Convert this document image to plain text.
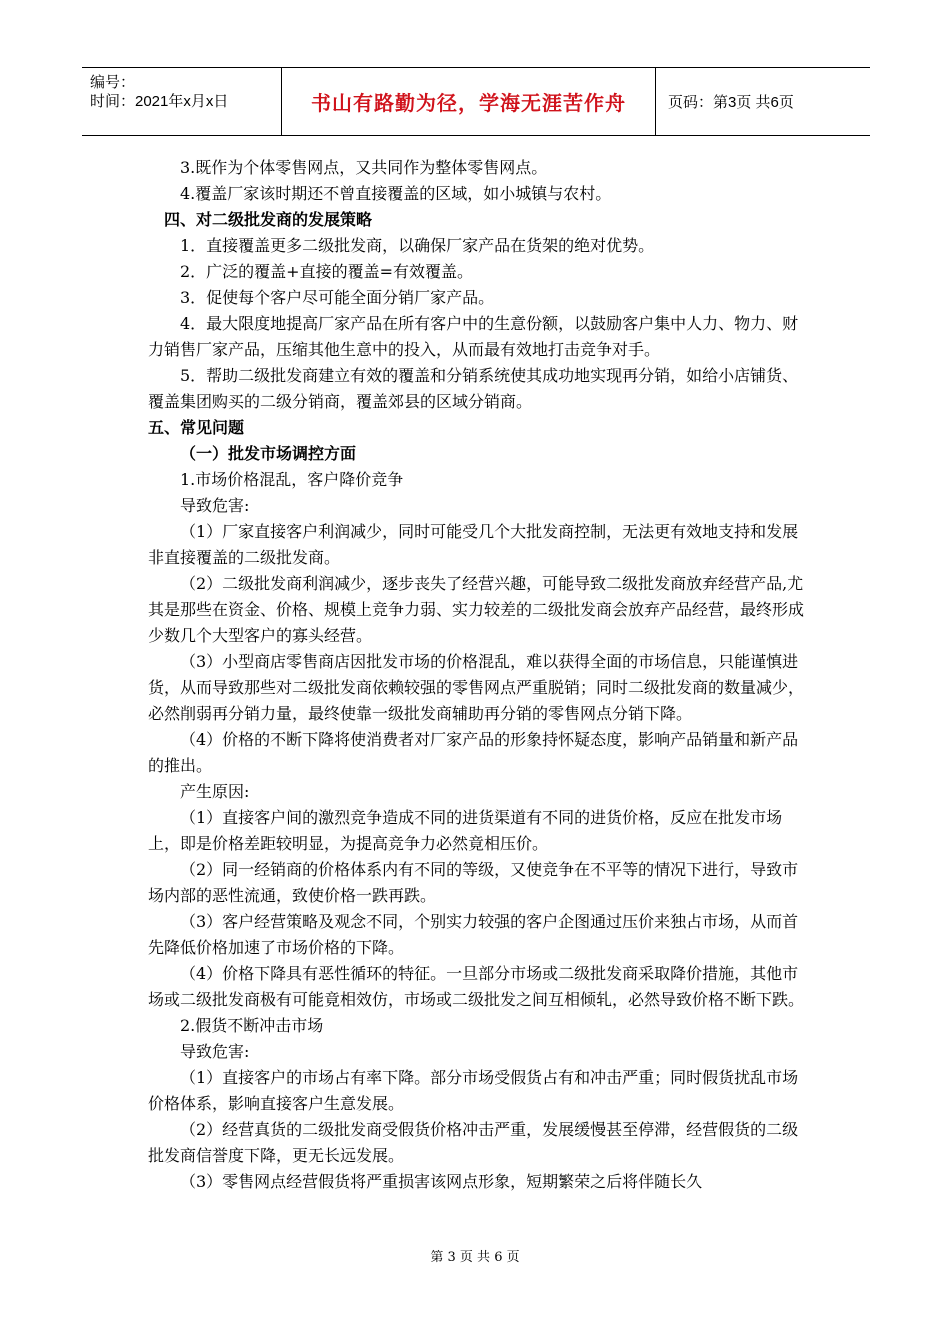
编号：
时间：2021年x月x日	书山有路勤为径，学海无涯苦作舟	页码：第3页 共6页

3.既作为个体零售网点，又共同作为整体零售网点。

4.覆盖厂家该时期还不曾直接覆盖的区域，如小城镇与农村。

四、对二级批发商的发展策略

1．直接覆盖更多二级批发商，以确保厂家产品在货架的绝对优势。

2．广泛的覆盖+直接的覆盖=有效覆盖。

3．促使每个客户尽可能全面分销厂家产品。

4．最大限度地提高厂家产品在所有客户中的生意份额，以鼓励客户集中人力、物力、财力销售厂家产品，压缩其他生意中的投入，从而最有效地打击竞争对手。

5．帮助二级批发商建立有效的覆盖和分销系统使其成功地实现再分销，如给小店铺货、覆盖集团购买的二级分销商，覆盖郊县的区域分销商。

五、常见问题

（一）批发市场调控方面

1.市场价格混乱，客户降价竞争

导致危害:

（1）厂家直接客户利润减少，同时可能受几个大批发商控制，无法更有效地支持和发展非直接覆盖的二级批发商。

（2）二级批发商利润减少，逐步丧失了经营兴趣，可能导致二级批发商放弃经营产品,尤其是那些在资金、价格、规模上竞争力弱、实力较差的二级批发商会放弃产品经营，最终形成少数几个大型客户的寡头经营。

（3）小型商店零售商店因批发市场的价格混乱，难以获得全面的市场信息，只能谨慎进货，从而导致那些对二级批发商依赖较强的零售网点严重脱销；同时二级批发商的数量减少，必然削弱再分销力量，最终使靠一级批发商辅助再分销的零售网点分销下降。

（4）价格的不断下降将使消费者对厂家产品的形象持怀疑态度，影响产品销量和新产品的推出。

产生原因:

（1）直接客户间的激烈竞争造成不同的进货渠道有不同的进货价格，反应在批发市场上，即是价格差距较明显，为提高竞争力必然竟相压价。

（2）同一经销商的价格体系内有不同的等级，又使竞争在不平等的情况下进行，导致市场内部的恶性流通，致使价格一跌再跌。

（3）客户经营策略及观念不同，个别实力较强的客户企图通过压价来独占市场，从而首先降低价格加速了市场价格的下降。

（4）价格下降具有恶性循环的特征。一旦部分市场或二级批发商采取降价措施，其他市场或二级批发商极有可能竟相效仿，市场或二级批发之间互相倾轧，必然导致价格不断下跌。

2.假货不断冲击市场

导致危害:

（1）直接客户的市场占有率下降。部分市场受假货占有和冲击严重；同时假货扰乱市场价格体系，影响直接客户生意发展。

（2）经营真货的二级批发商受假货价格冲击严重，发展缓慢甚至停滞，经营假货的二级批发商信誉度下降，更无长远发展。

（3）零售网点经营假货将严重损害该网点形象，短期繁荣之后将伴随长久

第 3 页 共 6 页
